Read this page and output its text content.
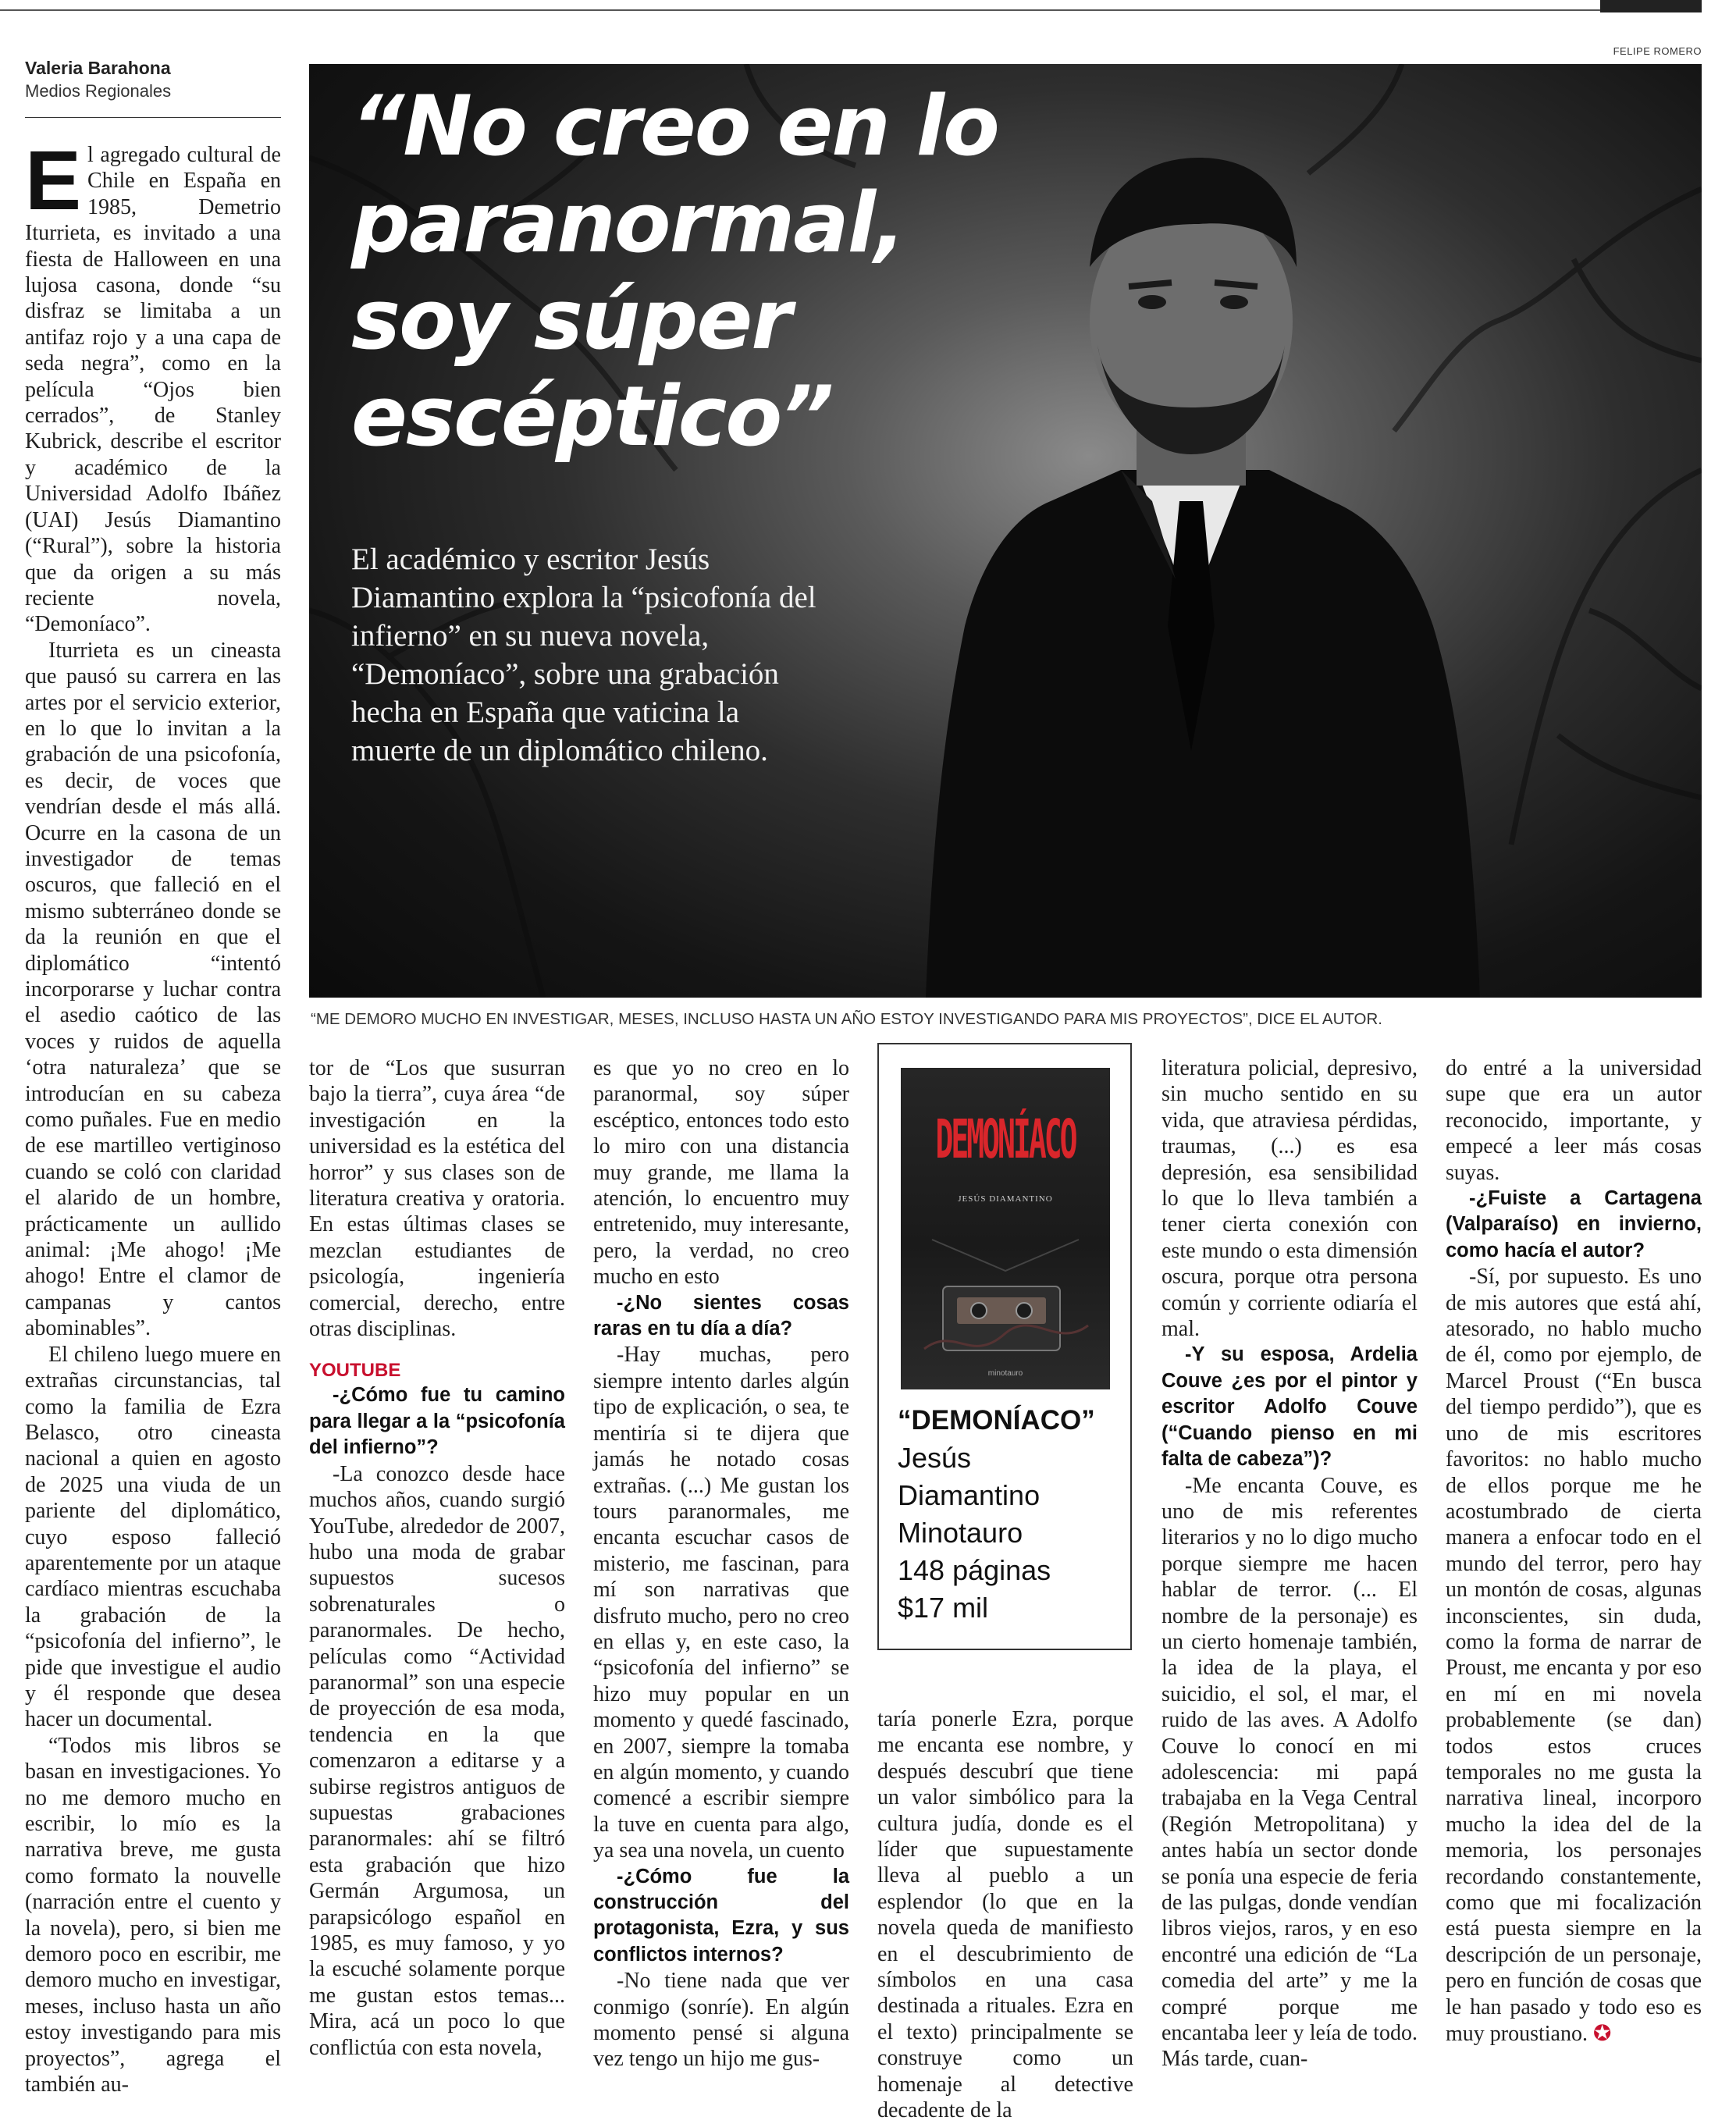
Valeria Barahona
Medios Regionales
FELIPE ROMERO
“No creo en lo
paranormal,
soy súper
escéptico”
El académico y escritor Jesús
Diamantino explora la “psicofonía del
infierno” en su nueva novela,
“Demoníaco”, sobre una grabación
hecha en España que vaticina la
muerte de un diplomático chileno.
“ME DEMORO MUCHO EN INVESTIGAR, MESES, INCLUSO HASTA UN AÑO ESTOY INVESTIGANDO PARA MIS PROYECTOS”, DICE EL AUTOR.

El agregado cultural de Chile en España en 1985, Demetrio Iturrieta, es invitado a una fiesta de Halloween en una lujosa casona, donde “su disfraz se limitaba a un antifaz rojo y a una capa de seda negra”, como en la película “Ojos bien cerrados”, de Stanley Kubrick, describe el escritor y académico de la Universidad Adolfo Ibáñez (UAI) Jesús Diamantino (“Rural”), sobre la historia que da origen a su más reciente novela, “Demoníaco”.

Iturrieta es un cineasta que pausó su carrera en las artes por el servicio exterior, en lo que lo invitan a la grabación de una psicofonía, es decir, de voces que vendrían desde el más allá. Ocurre en la casona de un investigador de temas oscuros, que falleció en el mismo subterráneo donde se da la reunión en que el diplomático “intentó incorporarse y luchar contra el asedio caótico de las voces y ruidos de aquella ‘otra naturaleza’ que se introducían en su cabeza como puñales. Fue en medio de ese martilleo vertiginoso cuando se coló con claridad el alarido de un hombre, prácticamente un aullido animal: ¡Me ahogo! ¡Me ahogo! Entre el clamor de campanas y cantos abominables”.

El chileno luego muere en extrañas circunstancias, tal como la familia de Ezra Belasco, otro cineasta nacional a quien en agosto de 2025 una viuda de un pariente del diplomático, cuyo esposo falleció aparentemente por un ataque cardíaco mientras escuchaba la grabación de la “psicofonía del infierno”, le pide que investigue el audio y él responde que desea hacer un documental.

“Todos mis libros se basan en investigaciones. Yo no me demoro mucho en escribir, lo mío es la narrativa breve, me gusta como formato la nouvelle (narración entre el cuento y la novela), pero, si bien me demoro poco en escribir, me demoro mucho en investigar, meses, incluso hasta un año estoy investigando para mis proyectos”, agrega el también au-

tor de “Los que susurran bajo la tierra”, cuya área “de investigación en la universidad es la estética del horror” y sus clases son de literatura creativa y oratoria. En estas últimas clases se mezclan estudiantes de psicología, ingeniería comercial, derecho, entre otras disciplinas.

YOUTUBE

-¿Cómo fue tu camino para llegar a la “psicofonía del infierno”?

-La conozco desde hace muchos años, cuando surgió YouTube, alrededor de 2007, hubo una moda de grabar supuestos sucesos sobrenaturales o paranormales. De hecho, películas como “Actividad paranormal” son una especie de proyección de esa moda, tendencia en la que comenzaron a editarse y a subirse registros antiguos de supuestas grabaciones paranormales: ahí se filtró esta grabación que hizo Germán Argumosa, un parapsicólogo español en 1985, es muy famoso, y yo la escuché solamente porque me gustan estos temas... Mira, acá un poco lo que conflictúa con esta novela,

es que yo no creo en lo paranormal, soy súper escéptico, entonces todo esto lo miro con una distancia muy grande, me llama la atención, lo encuentro muy entretenido, muy interesante, pero, la verdad, no creo mucho en esto

-¿No sientes cosas raras en tu día a día?

-Hay muchas, pero siempre intento darles algún tipo de explicación, o sea, te mentiría si te dijera que jamás he notado cosas extrañas. (...) Me gustan los tours paranormales, me encanta escuchar casos de misterio, me fascinan, para mí son narrativas que disfruto mucho, pero no creo en ellas y, en este caso, la “psicofonía del infierno” se hizo muy popular en un momento y quedé fascinado, en 2007, siempre la tomaba en algún momento, y cuando comencé a escribir siempre la tuve en cuenta para algo, ya sea una novela, un cuento

-¿Cómo fue la construcción del protagonista, Ezra, y sus conflictos internos?

-No tiene nada que ver conmigo (sonríe). En algún momento pensé si alguna vez tengo un hijo me gus-

DEMONÍACO
JESÚS DIAMANTINO
minotauro
“DEMONÍACO”
Jesús
Diamantino
Minotauro
148 páginas
$17 mil

taría ponerle Ezra, porque me encanta ese nombre, y después descubrí que tiene un valor simbólico para la cultura judía, donde es el líder que supuestamente lleva al pueblo a un esplendor (lo que en la novela queda de manifiesto en el descubrimiento de símbolos en una casa destinada a rituales. Ezra en el texto) principalmente se construye como un homenaje al detective decadente de la

literatura policial, depresivo, sin mucho sentido en su vida, que atraviesa pérdidas, traumas, (...) es esa depresión, esa sensibilidad lo que lo lleva también a tener cierta conexión con este mundo o esta dimensión oscura, porque otra persona común y corriente odiaría el mal.

-Y su esposa, Ardelia Couve ¿es por el pintor y escritor Adolfo Couve (“Cuando pienso en mi falta de cabeza”)?

-Me encanta Couve, es uno de mis referentes literarios y no lo digo mucho porque siempre me hacen hablar de terror. (... El nombre de la personaje) es un cierto homenaje también, la idea de la playa, el suicidio, el sol, el mar, el ruido de las aves. A Adolfo Couve lo conocí en mi adolescencia: mi papá trabajaba en la Vega Central (Región Metropolitana) y antes había un sector donde se ponía una especie de feria de las pulgas, donde vendían libros viejos, raros, y en eso encontré una edición de “La comedia del arte” y me la compré porque me encantaba leer y leía de todo. Más tarde, cuan-

do entré a la universidad supe que era un autor reconocido, importante, y empecé a leer más cosas suyas.

-¿Fuiste a Cartagena (Valparaíso) en invierno, como hacía el autor?

-Sí, por supuesto. Es uno de mis autores que está ahí, atesorado, no hablo mucho de él, como por ejemplo, de Marcel Proust (“En busca del tiempo perdido”), que es uno de mis escritores favoritos: no hablo mucho de ellos porque me he acostumbrado de cierta manera a enfocar todo en el mundo del terror, pero hay un montón de cosas, algunas inconscientes, sin duda, como la forma de narrar de Proust, me encanta y por eso en mí en mi novela probablemente (se dan) todos estos cruces temporales no me gusta la narrativa lineal, incorporo mucho la idea del de la memoria, los personajes recordando constantemente, como que mi focalización está puesta siempre en la descripción de un personaje, pero en función de cosas que le han pasado y todo eso es muy proustiano. ✪
